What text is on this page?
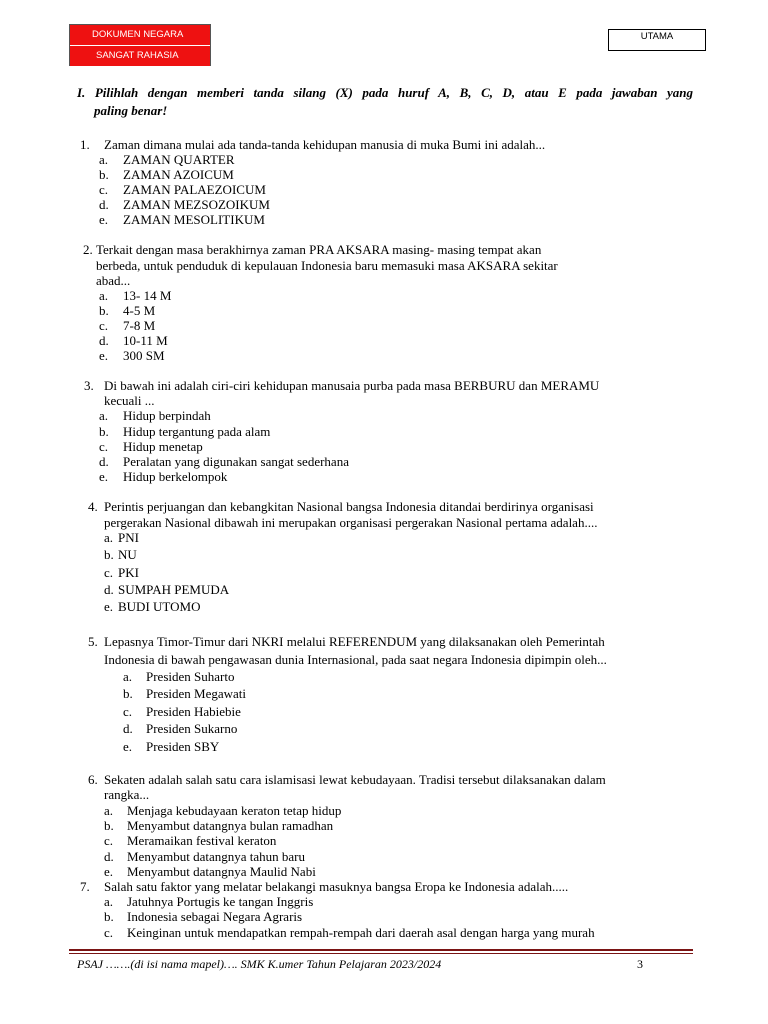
DOKUMEN NEGARA
SANGAT RAHASIA
UTAMA
I. Pilihlah dengan memberi tanda silang (X) pada huruf A, B, C, D, atau E pada jawaban yang
paling benar!
1. Zaman dimana mulai ada tanda-tanda kehidupan manusia di muka Bumi ini adalah...
a. ZAMAN QUARTER
b. ZAMAN AZOICUM
c. ZAMAN PALAEZOICUM
d. ZAMAN MEZSOZOIKUM
e. ZAMAN MESOLITIKUM
2. Terkait dengan masa berakhirnya zaman PRA AKSARA masing- masing tempat akan
berbeda, untuk penduduk di kepulauan Indonesia baru memasuki masa AKSARA sekitar
abad...
a. 13- 14 M
b. 4-5 M
c. 7-8 M
d. 10-11 M
e. 300 SM
3. Di bawah ini adalah ciri-ciri kehidupan manusaia purba pada masa BERBURU dan MERAMU
kecuali ...
a. Hidup berpindah
b. Hidup tergantung pada alam
c. Hidup menetap
d. Peralatan yang digunakan sangat sederhana
e. Hidup berkelompok
4. Perintis perjuangan dan kebangkitan Nasional bangsa Indonesia ditandai berdirinya organisasi
pergerakan Nasional dibawah ini merupakan organisasi pergerakan Nasional pertama adalah....
a. PNI
b. NU
c. PKI
d. SUMPAH PEMUDA
e. BUDI UTOMO
5. Lepasnya Timor-Timur dari NKRI melalui REFERENDUM yang dilaksanakan oleh Pemerintah
Indonesia di bawah pengawasan dunia Internasional, pada saat negara Indonesia dipimpin oleh...
a. Presiden Suharto
b. Presiden Megawati
c. Presiden Habiebie
d. Presiden Sukarno
e. Presiden SBY
6. Sekaten adalah salah satu cara islamisasi lewat kebudayaan. Tradisi tersebut dilaksanakan dalam
rangka...
a. Menjaga kebudayaan keraton tetap hidup
b. Menyambut datangnya bulan ramadhan
c. Meramaikan festival keraton
d. Menyambut datangnya tahun baru
e. Menyambut datangnya Maulid Nabi
7. Salah satu faktor yang melatar belakangi masuknya bangsa Eropa ke Indonesia adalah.....
a. Jatuhnya Portugis ke tangan Inggris
b. Indonesia sebagai Negara Agraris
c. Keinginan untuk mendapatkan rempah-rempah dari daerah asal dengan harga yang murah
PSAJ …….(di isi nama mapel)…. SMK K.umer Tahun Pelajaran 2023/2024	3
